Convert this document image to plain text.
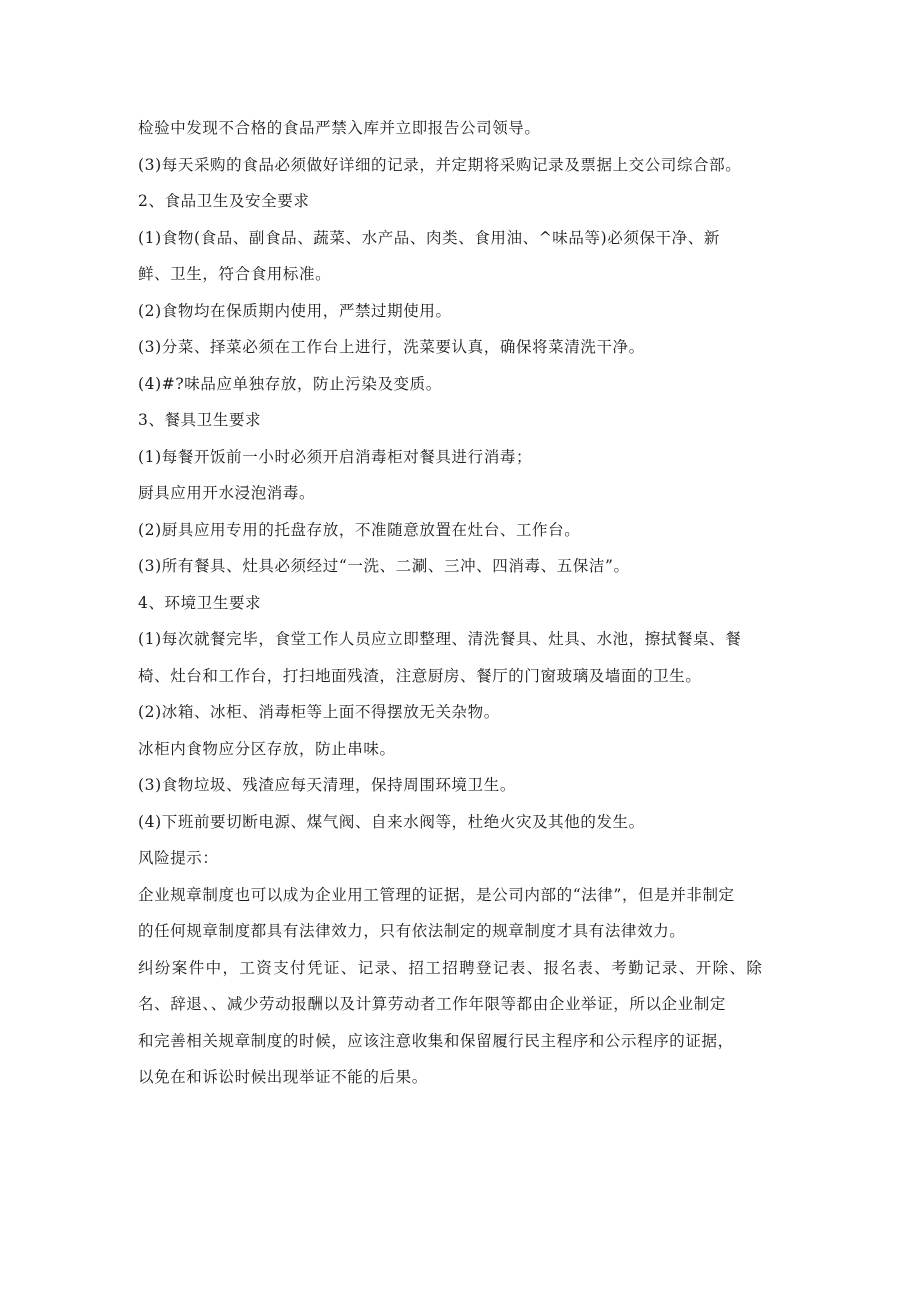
检验中发现不合格的食品严禁入库并立即报告公司领导。
(3)每天采购的食品必须做好详细的记录，并定期将采购记录及票据上交公司综合部。
2、食品卫生及安全要求
(1)食物(食品、副食品、蔬菜、水产品、肉类、食用油、^味品等)必须保干净、新
鲜、卫生，符合食用标准。
(2)食物均在保质期内使用，严禁过期使用。
(3)分菜、择菜必须在工作台上进行，洗菜要认真，确保将菜清洗干净。
(4)#?味品应单独存放，防止污染及变质。
3、餐具卫生要求
(1)每餐开饭前一小时必须开启消毒柜对餐具进行消毒；
厨具应用开水浸泡消毒。
(2)厨具应用专用的托盘存放，不准随意放置在灶台、工作台。
(3)所有餐具、灶具必须经过“一洗、二涮、三冲、四消毒、五保洁”。
4、环境卫生要求
(1)每次就餐完毕，食堂工作人员应立即整理、清洗餐具、灶具、水池，擦拭餐桌、餐
椅、灶台和工作台，打扫地面残渣，注意厨房、餐厅的门窗玻璃及墙面的卫生。
(2)冰箱、冰柜、消毒柜等上面不得摆放无关杂物。
冰柜内食物应分区存放，防止串味。
(3)食物垃圾、残渣应每天清理，保持周围环境卫生。
(4)下班前要切断电源、煤气阀、自来水阀等，杜绝火灾及其他的发生。
风险提示：
企业规章制度也可以成为企业用工管理的证据，是公司内部的“法律”，但是并非制定
的任何规章制度都具有法律效力，只有依法制定的规章制度才具有法律效力。
纠纷案件中，工资支付凭证、记录、招工招聘登记表、报名表、考勤记录、开除、除
名、辞退、、减少劳动报酬以及计算劳动者工作年限等都由企业举证，所以企业制定
和完善相关规章制度的时候，应该注意收集和保留履行民主程序和公示程序的证据，
以免在和诉讼时候出现举证不能的后果。
